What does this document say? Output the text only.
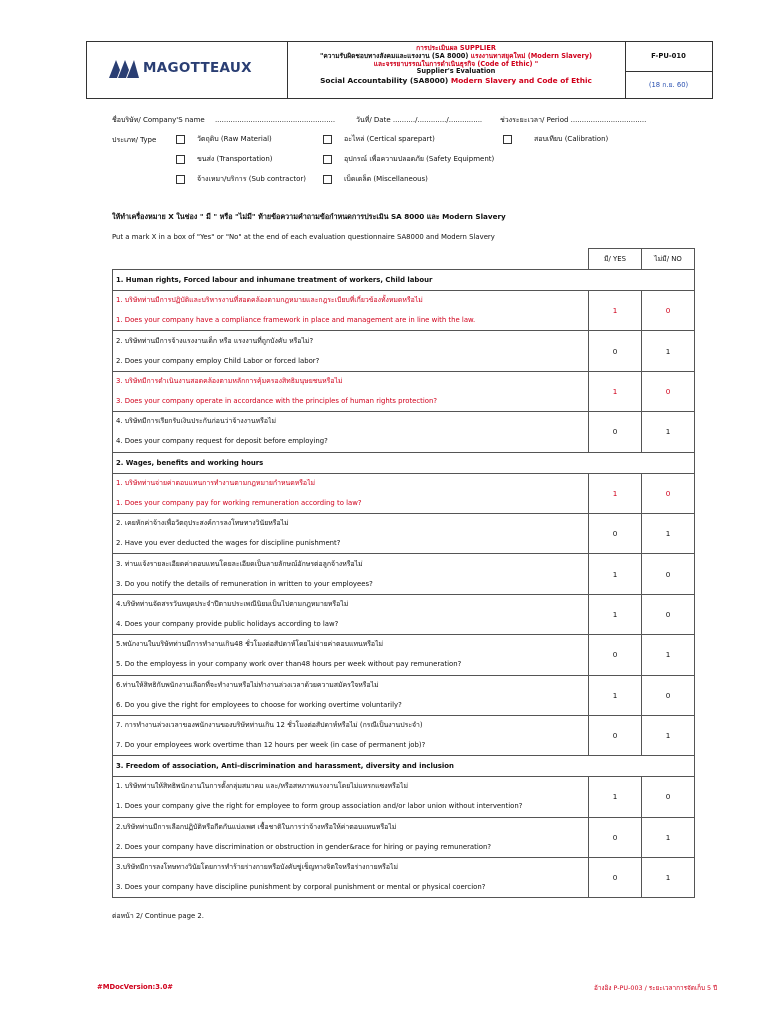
MAGOTTEAUX
การประเมินผล SUPPLIER
"ความรับผิดชอบทางสังคมและแรงงาน (SA 8000) แรงงานทาสยุคใหม่ (Modern Slavery)
และจรรยาบรรณในการดำเนินธุรกิจ (Code of Ethic) "
Supplier's Evaluation
Social Accountability (SA8000) Modern Slavery and Code of Ethic
F-PU-010
(18 ก.ย. 60)
ชื่อบริษัท/ Company'S name ......................................................	วันที่/ Date ........../............./...............	ช่วงระยะเวลา/ Period ..................................
ประเภท/ Type	วัตถุดิบ (Raw Material)	อะไหล่ (Certical sparepart)	สอบเทียบ (Calibration)
ขนส่ง (Transportation)	อุปกรณ์ เพื่อความปลอดภัย (Safety Equipment)
จ้างเหมา/บริการ (Sub contractor)	เบ็ดเตล็ด (Miscellaneous)
ให้ทำเครื่องหมาย X ในช่อง " มี " หรือ "ไม่มี" ท้ายข้อความคำถามข้อกำหนดการประเมิน SA 8000 และ Modern Slavery
Put a mark X in a box of "Yes" or "No" at the end of each evaluation questionnaire SA8000 and Modern Slavery
	มี/ YES	ไม่มี/ NO
1. Human rights, Forced labour and inhumane treatment of workers, Child labour		

1. บริษัทท่านมีการปฏิบัติและบริหารงานที่สอดคล้องตามกฎหมายและกฎระเบียบที่เกี่ยวข้องทั้งหมดหรือไม่
1. Does your company have a compliance framework in place and management are in line with the law.	1	0

2. บริษัทท่านมีการจ้างแรงงานเด็ก หรือ แรงงานที่ถูกบังคับ หรือไม่?
2. Does your company employ Child Labor or forced labor?	0	1

3. บริษัทมีการดำเนินงานสอดคล้องตามหลักการคุ้มครองสิทธิมนุษยชนหรือไม่
3. Does your company operate in accordance with the principles of human rights protection?	1	0

4. บริษัทมีการเรียกรับเงินประกันก่อนว่าจ้างงานหรือไม่
4. Does your company request for deposit before employing?	0	1
2. Wages, benefits and working hours		

1. บริษัทท่านจ่ายค่าตอบแทนการทำงานตามกฎหมายกำหนดหรือไม่
1. Does your company pay for working remuneration according to law?	1	0

2. เคยหักค่าจ้างเพื่อวัตถุประสงค์การลงโทษทางวินัยหรือไม่
2. Have you ever deducted the wages for discipline punishment?	0	1

3. ท่านแจ้งรายละเอียดค่าตอบแทนโดยละเอียดเป็นลายลักษณ์อักษรต่อลูกจ้างหรือไม่
3. Do you notify the details of remuneration in written to your employees?	1	0

4.บริษัทท่านจัดสรรวันหยุดประจำปีตามประเพณีนิยมเป็นไปตามกฎหมายหรือไม่
4. Does your company provide public holidays according to law?	1	0

5.พนักงานในบริษัทท่านมีการทำงานเกิน48 ชั่วโมงต่อสัปดาห์โดยไม่จ่ายค่าตอบแทนหรือไม่
5. Do the employess in your company work over than48 hours per week without pay remuneration?	0	1

6.ท่านให้สิทธิกับพนักงานเลือกที่จะทำงานหรือไม่ทำงานล่วงเวลาด้วยความสมัครใจหรือไม่
6. Do you give the right for employees to choose for working overtime voluntarily?	1	0

7. การทำงานล่วงเวลาของพนักงานของบริษัทท่านเกิน 12 ชั่วโมงต่อสัปดาห์หรือไม่ (กรณีเป็นงานประจำ)
7. Do your employees work overtime than 12 hours per week (in case of permanent job)?	0	1
3. Freedom of association, Anti-discrimination and harassment, diversity and inclusion		

1. บริษัทท่านให้สิทธิพนักงานในการตั้งกลุ่มสมาคม และ/หรือสหภาพแรงงานโดยไม่แทรกแซงหรือไม่
1. Does your company give the right for employee to form group association and/or labor union without intervention?	1	0

2.บริษัทท่านมีการเลือกปฏิบัติหรือกีดกันแบ่งเพศ เชื้อชาติในการว่าจ้างหรือให้ค่าตอบแทนหรือไม่
2. Does your company have discrimination or obstruction in gender&race for hiring or paying remuneration?	0	1

3.บริษัทมีการลงโทษทางวินัยโดยการทำร้ายร่างกายหรือบังคับขู่เข็ญทางจิตใจหรือร่างกายหรือไม่
3. Does your company have discipline punishment by corporal punishment or mental or physical coercion?	0	1
ต่อหน้า 2/ Continue page 2.
#MDocVersion:3.0#	อ้างอิง P-PU-003 / ระยะเวลาการจัดเก็บ 5 ปี
